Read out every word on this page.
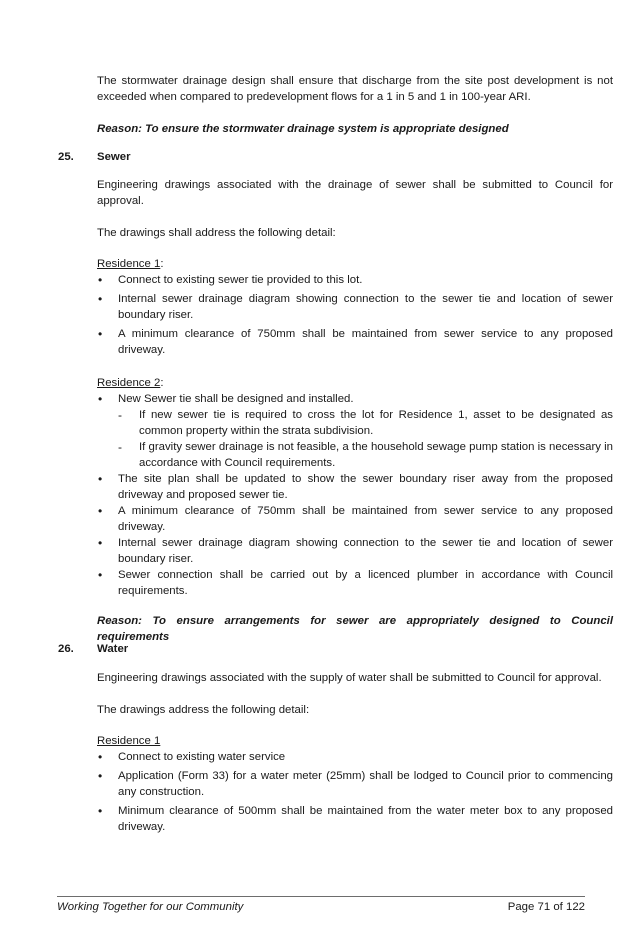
The stormwater drainage design shall ensure that discharge from the site post development is not exceeded when compared to predevelopment flows for a 1 in 5 and 1 in 100-year ARI.

Reason: To ensure the stormwater drainage system is appropriate designed

25. Sewer

Engineering drawings associated with the drainage of sewer shall be submitted to Council for approval.

The drawings shall address the following detail:

Residence 1:
• Connect to existing sewer tie provided to this lot.
• Internal sewer drainage diagram showing connection to the sewer tie and location of sewer boundary riser.
• A minimum clearance of 750mm shall be maintained from sewer service to any proposed driveway.
Residence 2:
• New Sewer tie shall be designed and installed.
- If new sewer tie is required to cross the lot for Residence 1, asset to be designated as common property within the strata subdivision.
- If gravity sewer drainage is not feasible, a the household sewage pump station is necessary in accordance with Council requirements.
• The site plan shall be updated to show the sewer boundary riser away from the proposed driveway and proposed sewer tie.
• A minimum clearance of 750mm shall be maintained from sewer service to any proposed driveway.
• Internal sewer drainage diagram showing connection to the sewer tie and location of sewer boundary riser.
• Sewer connection shall be carried out by a licenced plumber in accordance with Council requirements.

Reason: To ensure arrangements for sewer are appropriately designed to Council requirements

26. Water

Engineering drawings associated with the supply of water shall be submitted to Council for approval.

The drawings address the following detail:

Residence 1
• Connect to existing water service
• Application (Form 33) for a water meter (25mm) shall be lodged to Council prior to commencing any construction.
• Minimum clearance of 500mm shall be maintained from the water meter box to any proposed driveway.
Working Together for our Community	Page 71 of 122
